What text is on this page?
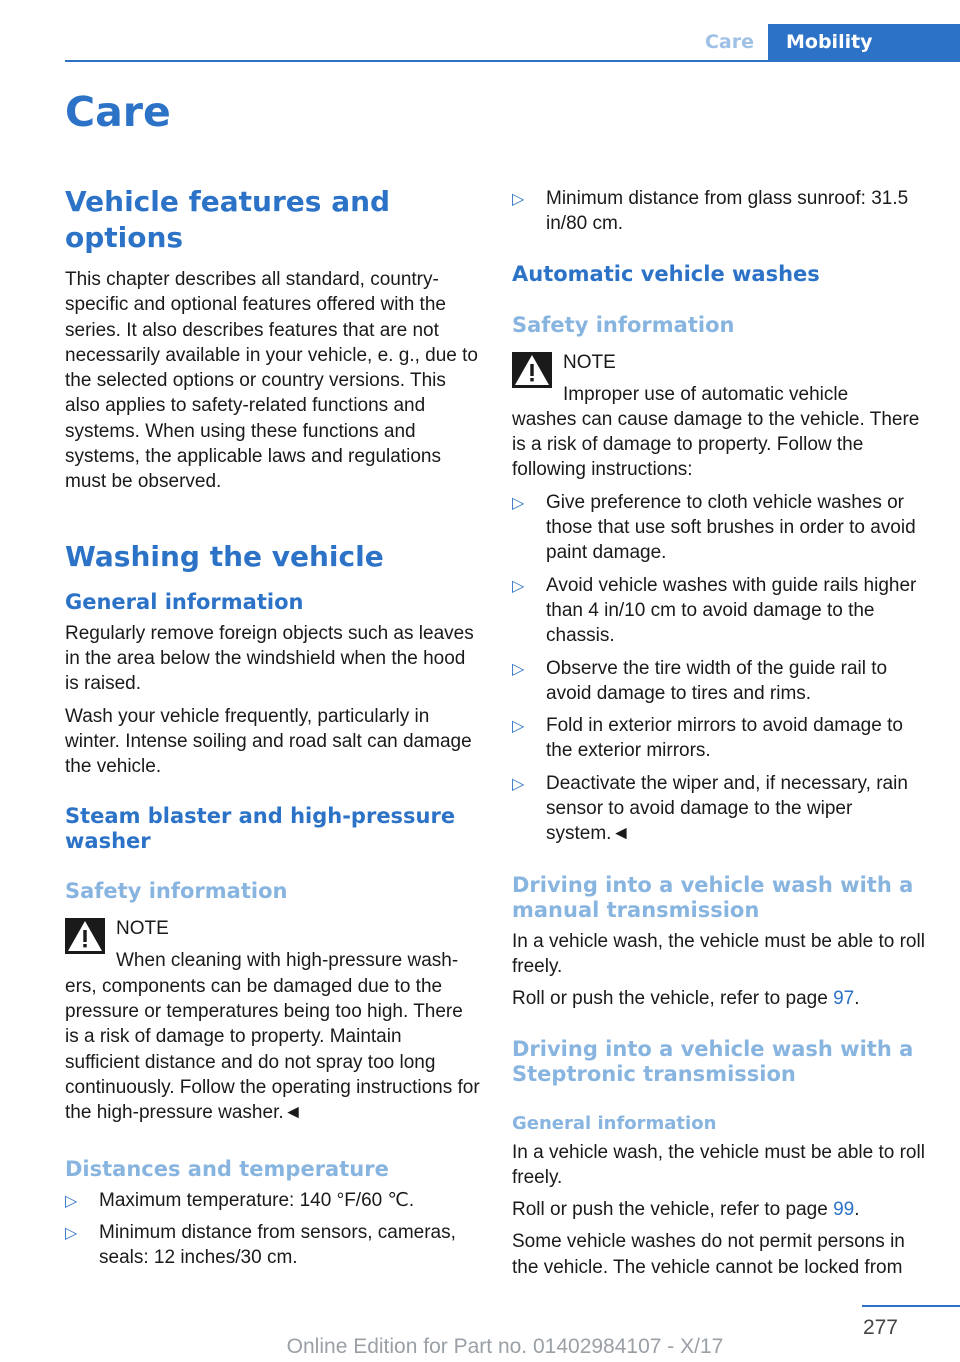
Care	Mobility
Care
Vehicle features and options

This chapter describes all standard, country-specific and optional features offered with the series. It also describes features that are not necessarily available in your vehicle, e. g., due to the selected options or country versions. This also applies to safety-related functions and systems. When using these functions and systems, the applicable laws and regulations must be observed.

Washing the vehicle
General information

Regularly remove foreign objects such as leaves in the area below the windshield when the hood is raised.

Wash your vehicle frequently, particularly in winter. Intense soiling and road salt can damage the vehicle.

Steam blaster and high-pressure washer
Safety information
NOTE
When cleaning with high-pressure wash-

ers, components can be damaged due to the pressure or temperatures being too high. There is a risk of damage to property. Maintain sufficient distance and do not spray too long continuously. Follow the operating instructions for the high-pressure washer.◄

Distances and temperature
▷ Maximum temperature: 140 °F/60 ℃.
▷ Minimum distance from sensors, cameras, seals: 12 inches/30 cm.
▷ Minimum distance from glass sunroof: 31.5 in/80 cm.
Automatic vehicle washes
Safety information
NOTE
Improper use of automatic vehicle

washes can cause damage to the vehicle. There is a risk of damage to property. Follow the following instructions:

▷ Give preference to cloth vehicle washes or those that use soft brushes in order to avoid paint damage.
▷ Avoid vehicle washes with guide rails higher than 4 in/10 cm to avoid damage to the chassis.
▷ Observe the tire width of the guide rail to avoid damage to tires and rims.
▷ Fold in exterior mirrors to avoid damage to the exterior mirrors.
▷ Deactivate the wiper and, if necessary, rain sensor to avoid damage to the wiper system.◄
Driving into a vehicle wash with a manual transmission

In a vehicle wash, the vehicle must be able to roll freely.

Roll or push the vehicle, refer to page 97.

Driving into a vehicle wash with a Steptronic transmission
General information

In a vehicle wash, the vehicle must be able to roll freely.

Roll or push the vehicle, refer to page 99.

Some vehicle washes do not permit persons in the vehicle. The vehicle cannot be locked from

277
Online Edition for Part no. 01402984107 - X/17
